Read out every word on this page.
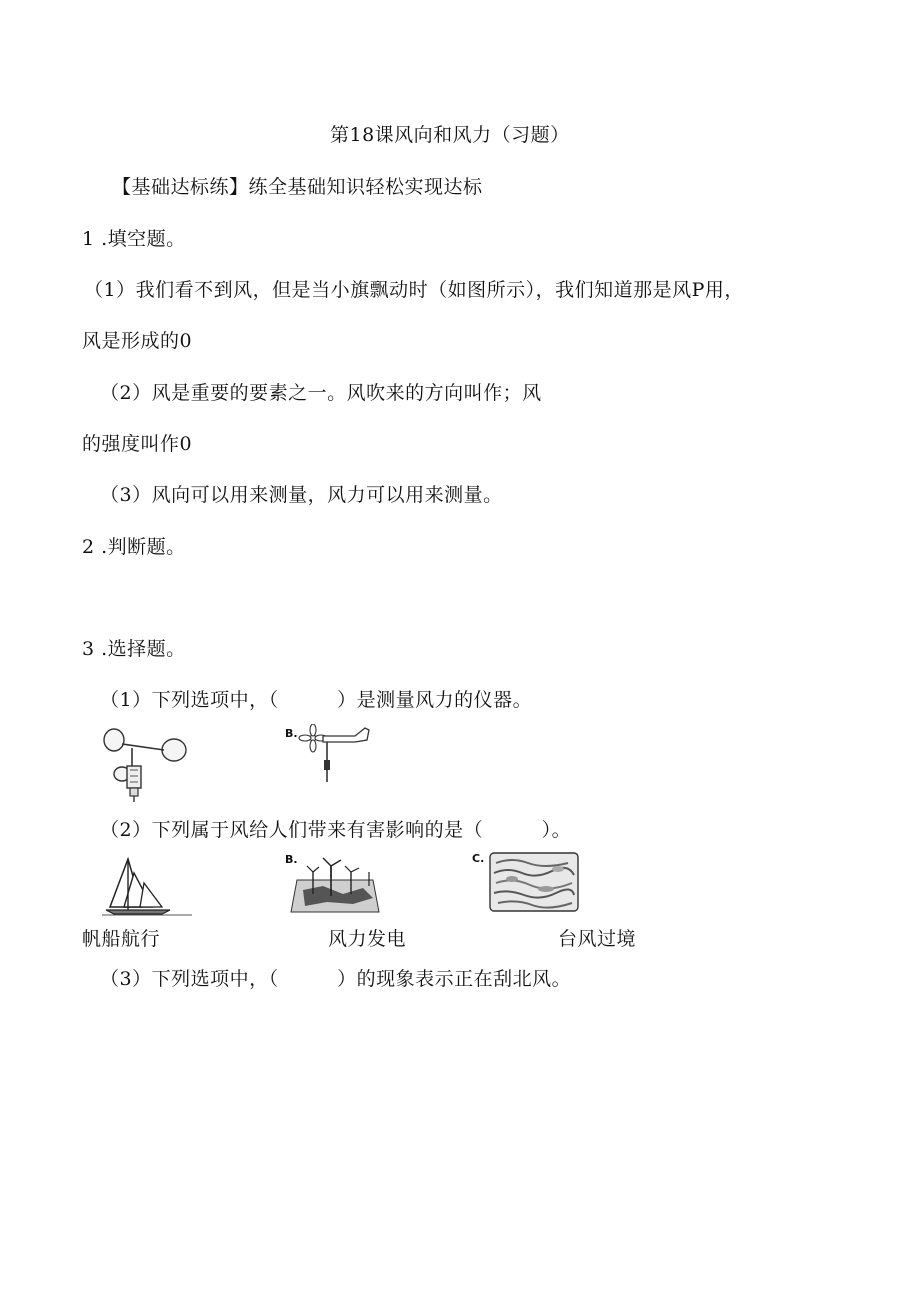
第18课风向和风力（习题）
【基础达标练】练全基础知识轻松实现达标
1 .填空题。
（1）我们看不到风，但是当小旗飘动时（如图所示），我们知道那是风P用，
风是形成的0
（2）风是重要的要素之一。风吹来的方向叫作；风
的强度叫作0
（3）风向可以用来测量，风力可以用来测量。
2 .判断题。
3 .选择题。
（1）下列选项中，（　　　）是测量风力的仪器。
B.
（2）下列属于风给人们带来有害影响的是（　　　）。
B.	C.
帆船航行	风力发电	台风过境
（3）下列选项中，（　　　）的现象表示正在刮北风。
